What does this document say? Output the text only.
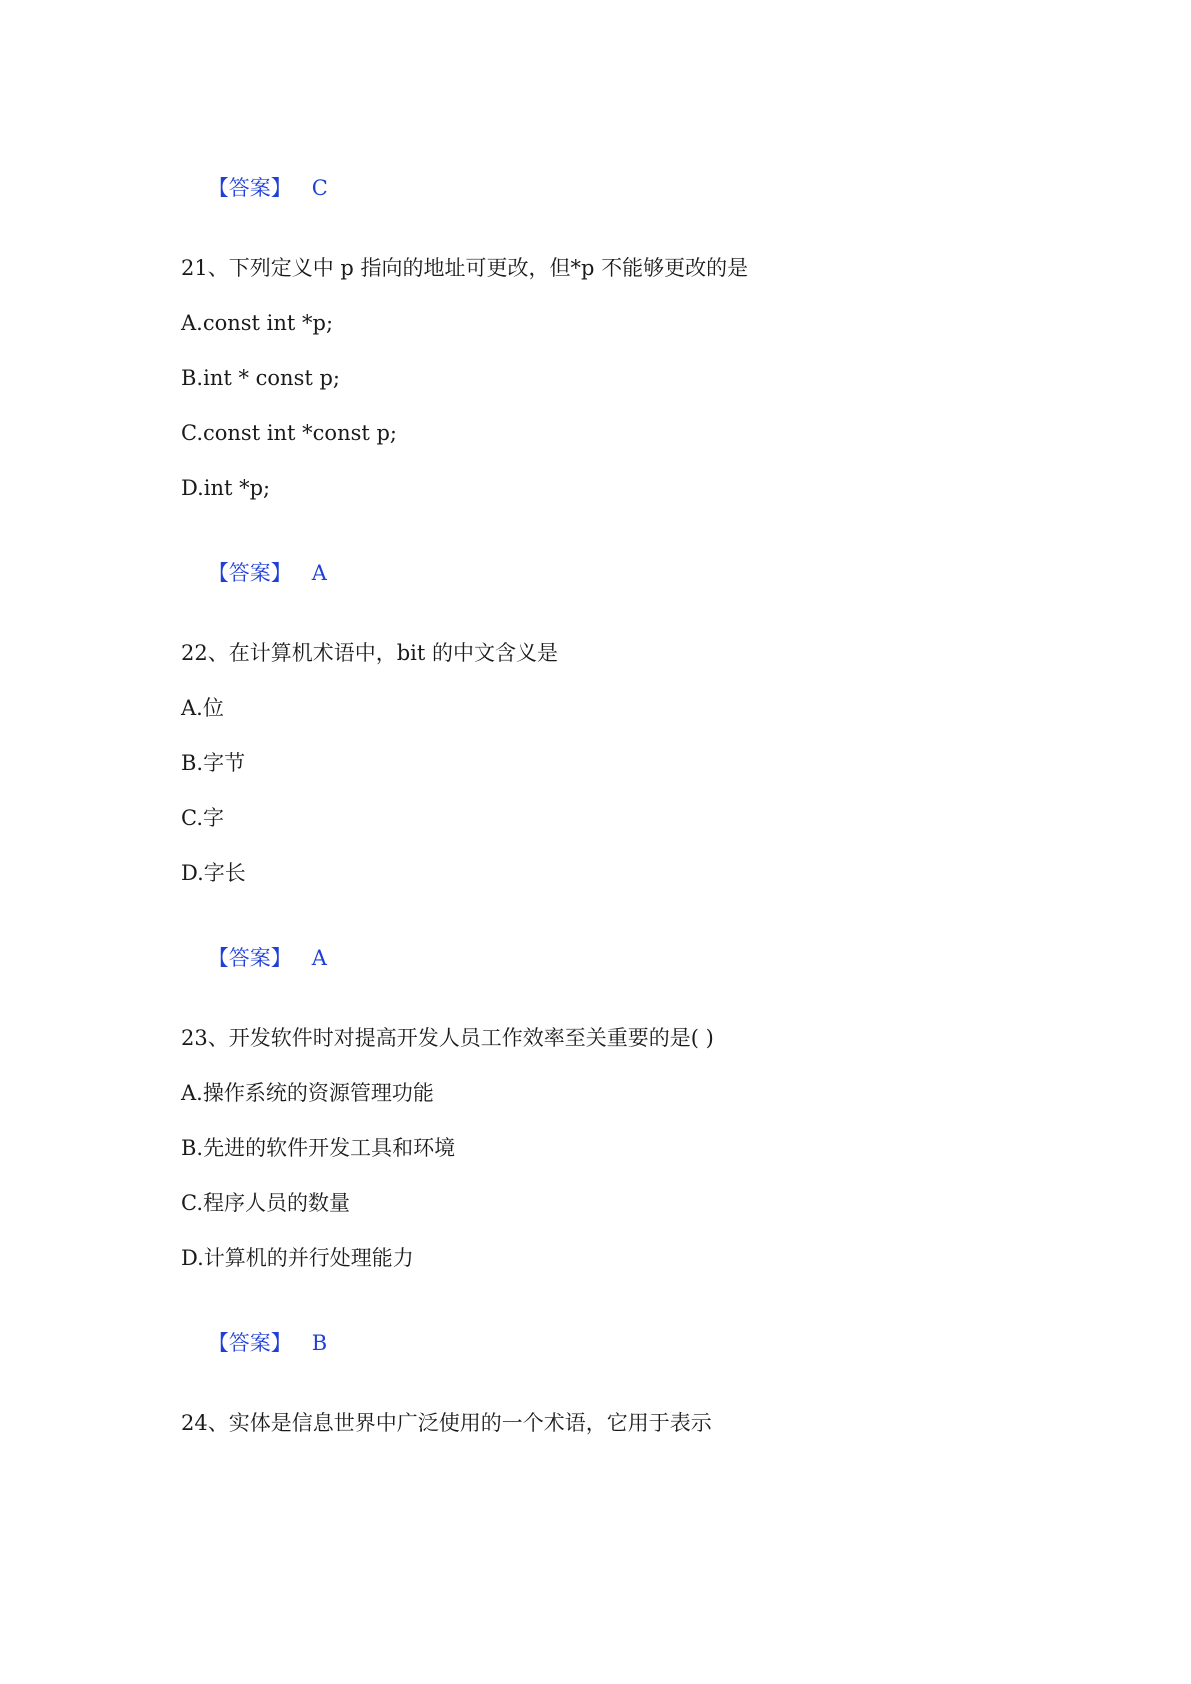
【答案】 C

21、下列定义中 p 指向的地址可更改，但*p 不能够更改的是
A.const int *p;
B.int * const p;
C.const int *const p;
D.int *p;

【答案】 A

22、在计算机术语中，bit 的中文含义是
A.位
B.字节
C.字
D.字长

【答案】 A

23、开发软件时对提高开发人员工作效率至关重要的是( )
A.操作系统的资源管理功能
B.先进的软件开发工具和环境
C.程序人员的数量
D.计算机的并行处理能力

【答案】 B

24、实体是信息世界中广泛使用的一个术语，它用于表示
